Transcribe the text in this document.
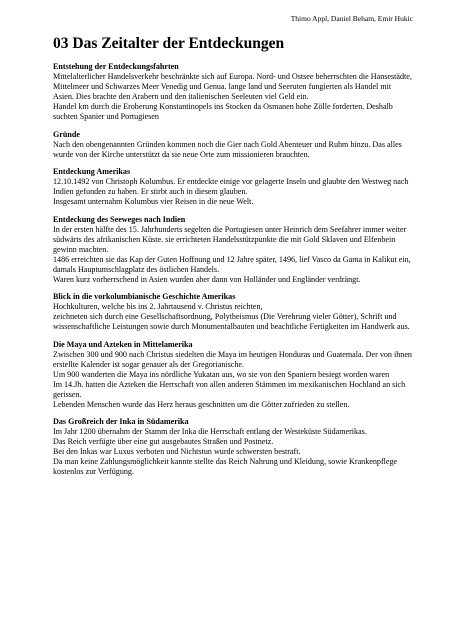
Thimo Appl, Daniel Beham, Emir Hukic
03 Das Zeitalter der Entdeckungen
Entstehung der Entdeckungsfahrten

Mittelalterlicher Handelsverkehr beschränkte sich auf Europa. Nord- und Ostsee beherrschten die Hansestädte, Mittelmeer und Schwarzes Meer Venedig und Genua. lange land und Seeruten fungierten als Handel mit Asien. Dies brachte den Arabern und den italienischen Seeleuten viel Geld ein.

Handel km durch die Eroberung Konstantinopels ins Stocken da Osmanen hohe Zölle forderten. Deshalb suchten Spanier und Portugiesen

Gründe

Nach den obengenannten Gründen kommen noch die Gier nach Gold Abenteuer und Ruhm hinzu. Das alles wurde von der Kirche unterstützt da sie neue Orte zum missionieren brauchten.

Entdeckung Amerikas

12.10.1492 von Christoph Kolumbus. Er entdeckte einige vor gelagerte Inseln und glaubte den Westweg nach Indien gefunden zu haben. Er stirbt auch in diesem glauben.

Insgesamt unternahm Kolumbus vier Reisen in die neue Welt.

Entdeckung des Seeweges nach Indien

In der ersten hälfte des 15. Jahrhunderts segelten die Portugiesen unter Heinrich dem Seefahrer immer weiter südwärts des afrikanischen Küste. sie errichteten Handelsstützpunkte die mit Gold Sklaven und Elfenbein gewinn machten.

1486 erreichten sie das Kap der Guten Hoffnung und 12 Jahre später, 1496, lief Vasco da Gama in Kalikut ein, damals Hauptumschlagplatz des östlichen Handels.

Waren kurz vorherrschend in Asien wurden aber dann von Holländer und Engländer verdrängt.

Blick in die vorkolumbianische Geschichte Amerikas

Hochkulturen, welche bis ins 2. Jahrtausend v. Christus reichten,

zeichneten sich durch eine Gesellschaftsordnung, Polytheismus (Die Verehrung vieler Götter), Schrift und wissenschaftliche Leistungen sowie durch Monumentalbauten und beachtliche Fertigkeiten im Handwerk aus.

Die Maya und Azteken in Mittelamerika

Zwischen 300 und 900 nach Christus siedelten die Maya im heutigen Honduras und Guatemala. Der von ihnen erstellte Kalender ist sogar genauer als der Gregorianische.

Um 900 wanderten die Maya ins nördliche Yukatan aus, wo sie von den Spaniern besiegt worden waren

Im 14.Jh. hatten die Azteken die Herrschaft von allen anderen Stämmen im mexikanischen Hochland an sich gerissen.

Lebenden Menschen wurde das Herz heraus geschnitten um die Götter zufrieden zu stellen.

Das Großreich der Inka in Südamerika

Im Jahr 1200 übernahm der Stamm der Inka die Herrschaft entlang der Westeküste Südamerikas.

Das Reich verfügte über eine gut ausgebautes Straßen und Postnetz.

Bei den Inkas war Luxus verboten und Nichtstun wurde schwersten bestraft.

Da man keine Zahlungsmöglichkeit kannte stellte das Reich Nahrung und Kleidung, sowie Krankenpflege kostenlos zur Verfügung.
